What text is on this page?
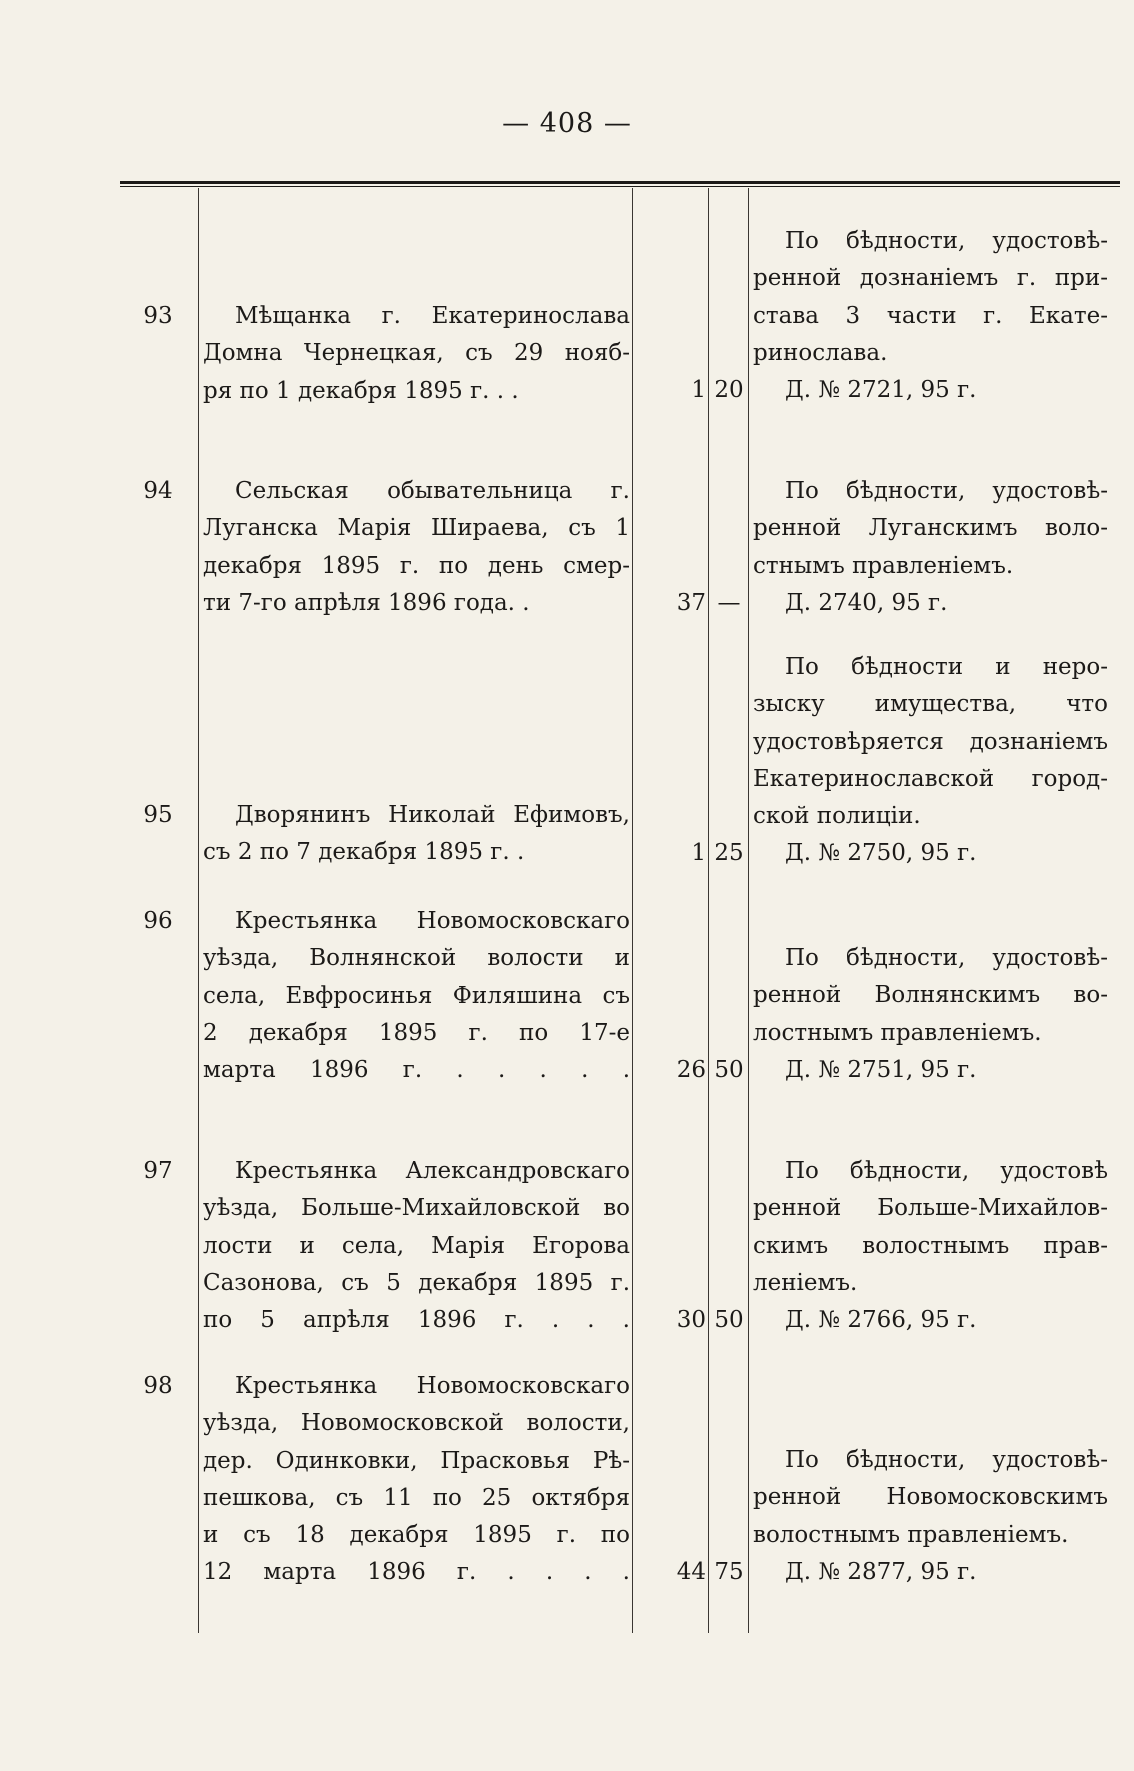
— 408 —
93	Мѣщанка г. Екатеринослава
Домна Чернецкая, съ 29 нояб-
ря по 1 декабря 1895 г. . .	1 20
По бѣдности, удостовѣ-
ренной дознаніемъ г. при-
става 3 части г. Екате-
ринослава.
Д. № 2721, 95 г.
94	Сельская обывательница г.
Луганска Марія Шираева, съ 1
декабря 1895 г. по день смер-
ти 7-го апрѣля 1896 года. .	37 —
По бѣдности, удостовѣ-
ренной Луганскимъ воло-
стнымъ правленіемъ.
Д. 2740, 95 г.
95	Дворянинъ Николай Ефимовъ,
съ 2 по 7 декабря 1895 г. .	1 25
По бѣдности и неро-
зыску имущества, что
удостовѣряется дознаніемъ
Екатеринославской город-
ской полиціи.
Д. № 2750, 95 г.
96	Крестьянка Новомосковскаго
уѣзда, Волнянской волости и
села, Евфросинья Филяшина съ
2 декабря 1895 г. по 17-е
марта 1896 г. . . . . .	26 50
По бѣдности, удостовѣ-
ренной Волнянскимъ во-
лостнымъ правленіемъ.
Д. № 2751, 95 г.
97	Крестьянка Александровскаго
уѣзда, Больше-Михайловской во
лости и села, Марія Егорова
Сазонова, съ 5 декабря 1895 г.
по 5 апрѣля 1896 г. . . .	30 50
По бѣдности, удостовѣ
ренной Больше-Михайлов-
скимъ волостнымъ прав-
леніемъ.
Д. № 2766, 95 г.
98	Крестьянка Новомосковскаго
уѣзда, Новомосковской волости,
дер. Одинковки, Прасковья Рѣ-
пешкова, съ 11 по 25 октября
и съ 18 декабря 1895 г. по
12 марта 1896 г. . . . .	44 75
По бѣдности, удостовѣ-
ренной Новомосковскимъ
волостнымъ правленіемъ.
Д. № 2877, 95 г.
